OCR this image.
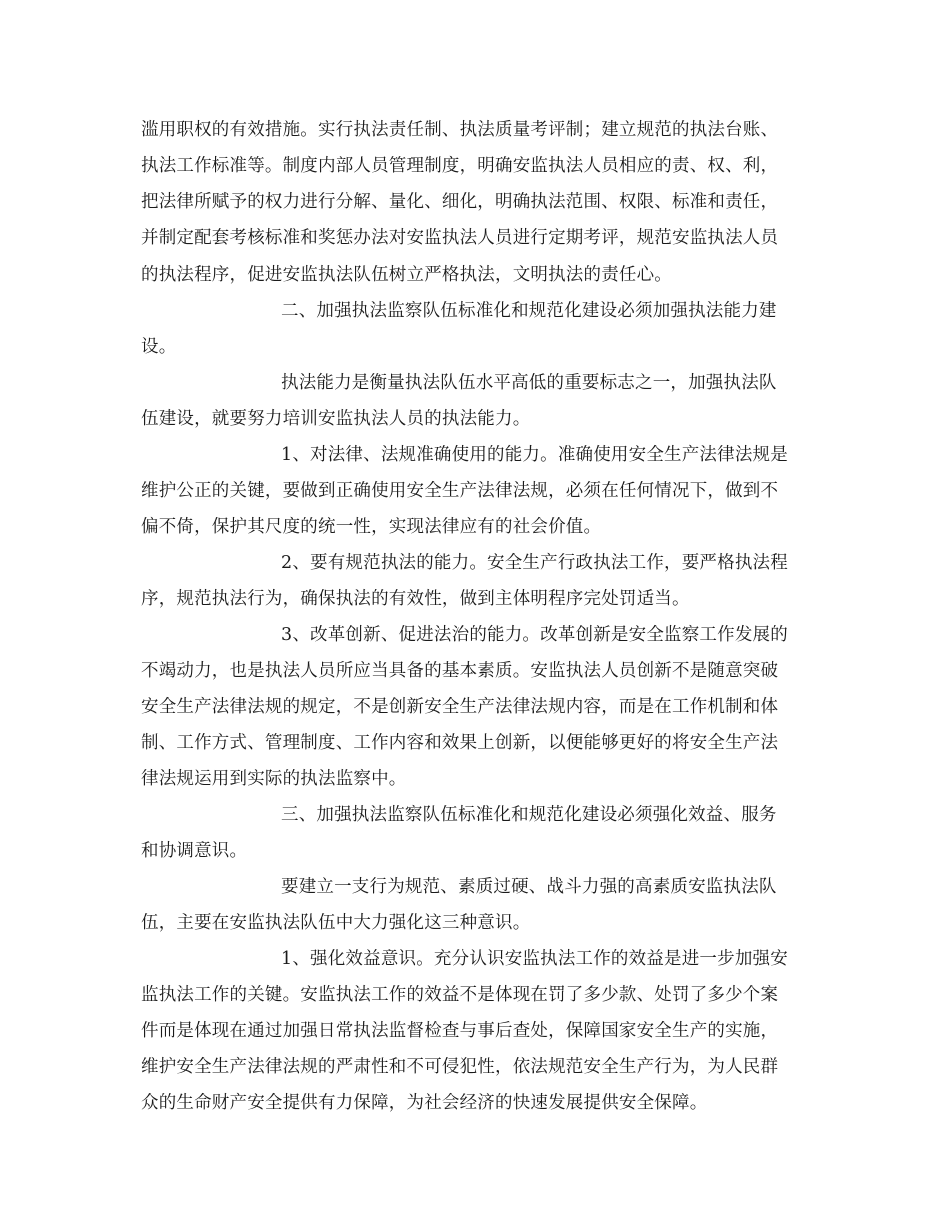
滥用职权的有效措施。实行执法责任制、执法质量考评制；建立规范的执法台账、
执法工作标准等。制度内部人员管理制度，明确安监执法人员相应的责、权、利，
把法律所赋予的权力进行分解、量化、细化，明确执法范围、权限、标准和责任，
并制定配套考核标准和奖惩办法对安监执法人员进行定期考评，规范安监执法人员
的执法程序，促进安监执法队伍树立严格执法，文明执法的责任心。
二、加强执法监察队伍标准化和规范化建设必须加强执法能力建
设。
执法能力是衡量执法队伍水平高低的重要标志之一，加强执法队
伍建设，就要努力培训安监执法人员的执法能力。
1、对法律、法规准确使用的能力。准确使用安全生产法律法规是
维护公正的关键，要做到正确使用安全生产法律法规，必须在任何情况下，做到不
偏不倚，保护其尺度的统一性，实现法律应有的社会价值。
2、要有规范执法的能力。安全生产行政执法工作，要严格执法程
序，规范执法行为，确保执法的有效性，做到主体明程序完处罚适当。
3、改革创新、促进法治的能力。改革创新是安全监察工作发展的
不竭动力，也是执法人员所应当具备的基本素质。安监执法人员创新不是随意突破
安全生产法律法规的规定，不是创新安全生产法律法规内容，而是在工作机制和体
制、工作方式、管理制度、工作内容和效果上创新，以便能够更好的将安全生产法
律法规运用到实际的执法监察中。
三、加强执法监察队伍标准化和规范化建设必须强化效益、服务
和协调意识。
要建立一支行为规范、素质过硬、战斗力强的高素质安监执法队
伍，主要在安监执法队伍中大力强化这三种意识。
1、强化效益意识。充分认识安监执法工作的效益是进一步加强安
监执法工作的关键。安监执法工作的效益不是体现在罚了多少款、处罚了多少个案
件而是体现在通过加强日常执法监督检查与事后查处，保障国家安全生产的实施，
维护安全生产法律法规的严肃性和不可侵犯性，依法规范安全生产行为，为人民群
众的生命财产安全提供有力保障，为社会经济的快速发展提供安全保障。
